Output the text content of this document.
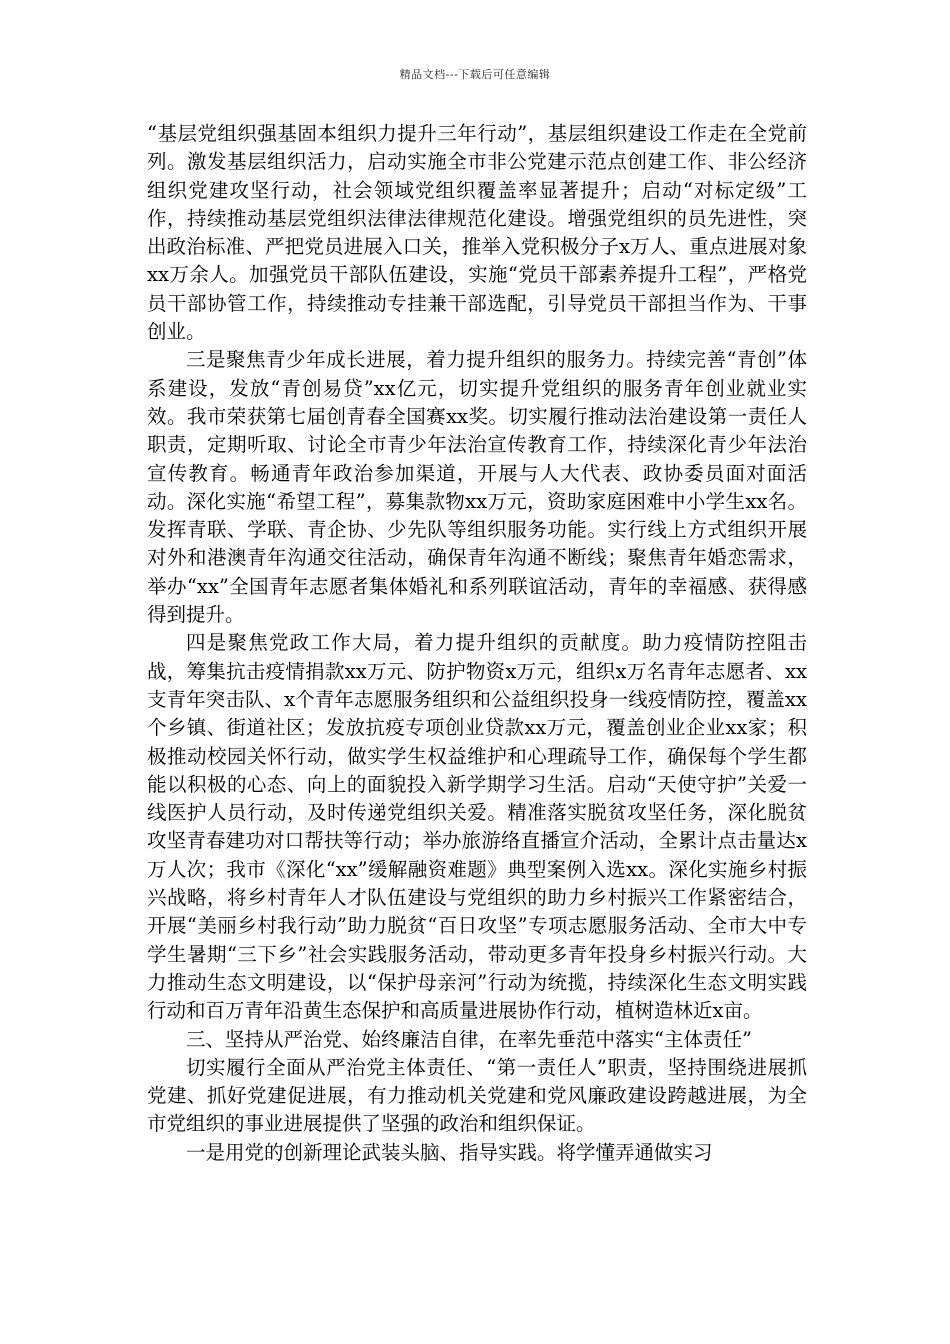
精品文档---下载后可任意编辑

“基层党组织强基固本组织力提升三年行动”，基层组织建设工作走在全党前列。激发基层组织活力，启动实施全市非公党建示范点创建工作、非公经济组织党建攻坚行动，社会领域党组织覆盖率显著提升；启动“对标定级”工作，持续推动基层党组织法律法律规范化建设。增强党组织的员先进性，突出政治标准、严把党员进展入口关，推举入党积极分子x万人、重点进展对象xx万余人。加强党员干部队伍建设，实施“党员干部素养提升工程”，严格党员干部协管工作，持续推动专挂兼干部选配，引导党员干部担当作为、干事创业。

三是聚焦青少年成长进展，着力提升组织的服务力。持续完善“青创”体系建设，发放“青创易贷”xx亿元，切实提升党组织的服务青年创业就业实效。我市荣获第七届创青春全国赛xx奖。切实履行推动法治建设第一责任人职责，定期听取、讨论全市青少年法治宣传教育工作，持续深化青少年法治宣传教育。畅通青年政治参加渠道，开展与人大代表、政协委员面对面活动。深化实施“希望工程”，募集款物xx万元，资助家庭困难中小学生xx名。发挥青联、学联、青企协、少先队等组织服务功能。实行线上方式组织开展对外和港澳青年沟通交往活动，确保青年沟通不断线；聚焦青年婚恋需求，举办“xx”全国青年志愿者集体婚礼和系列联谊活动，青年的幸福感、获得感得到提升。

四是聚焦党政工作大局，着力提升组织的贡献度。助力疫情防控阻击战，筹集抗击疫情捐款xx万元、防护物资x万元，组织x万名青年志愿者、xx支青年突击队、x个青年志愿服务组织和公益组织投身一线疫情防控，覆盖xx个乡镇、街道社区；发放抗疫专项创业贷款xx万元，覆盖创业企业xx家；积极推动校园关怀行动，做实学生权益维护和心理疏导工作，确保每个学生都能以积极的心态、向上的面貌投入新学期学习生活。启动“天使守护”关爱一线医护人员行动，及时传递党组织关爱。精准落实脱贫攻坚任务，深化脱贫攻坚青春建功对口帮扶等行动；举办旅游络直播宣介活动，全累计点击量达x万人次；我市《深化“xx”缓解融资难题》典型案例入选xx。深化实施乡村振兴战略，将乡村青年人才队伍建设与党组织的助力乡村振兴工作紧密结合，开展“美丽乡村我行动”助力脱贫“百日攻坚”专项志愿服务活动、全市大中专学生暑期“三下乡”社会实践服务活动，带动更多青年投身乡村振兴行动。大力推动生态文明建设，以“保护母亲河”行动为统揽，持续深化生态文明实践行动和百万青年沿黄生态保护和高质量进展协作行动，植树造林近x亩。

三、坚持从严治党、始终廉洁自律，在率先垂范中落实“主体责任”

切实履行全面从严治党主体责任、“第一责任人”职责，坚持围绕进展抓党建、抓好党建促进展，有力推动机关党建和党风廉政建设跨越进展，为全市党组织的事业进展提供了坚强的政治和组织保证。

一是用党的创新理论武装头脑、指导实践。将学懂弄通做实习
